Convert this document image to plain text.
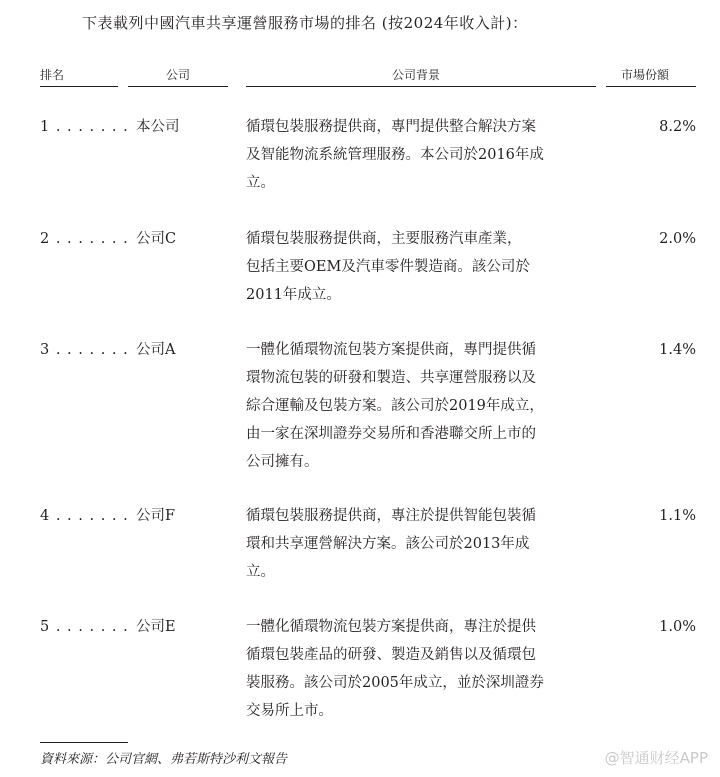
下表載列中國汽車共享運營服務市場的排名 (按2024年收入計)：
排名	公司	公司背景	市場份額
1 . . . . . . . 本公司	循環包裝服務提供商，專門提供整合解決方案
及智能物流系統管理服務。本公司於2016年成
立。
8.2%
2 . . . . . . . 公司C	循環包裝服務提供商，主要服務汽車產業，
包括主要OEM及汽車零件製造商。該公司於
2011年成立。
2.0%
3 . . . . . . . 公司A	一體化循環物流包裝方案提供商，專門提供循
環物流包裝的研發和製造、共享運營服務以及
綜合運輸及包裝方案。該公司於2019年成立，
由一家在深圳證券交易所和香港聯交所上市的
公司擁有。
1.4%
4 . . . . . . . 公司F	循環包裝服務提供商，專注於提供智能包裝循
環和共享運營解決方案。該公司於2013年成
立。
1.1%
5 . . . . . . . 公司E	一體化循環物流包裝方案提供商，專注於提供
循環包裝產品的研發、製造及銷售以及循環包
裝服務。該公司於2005年成立，並於深圳證券
交易所上市。
1.0%
資料來源：公司官網、弗若斯特沙利文報告	@智通财经APP
